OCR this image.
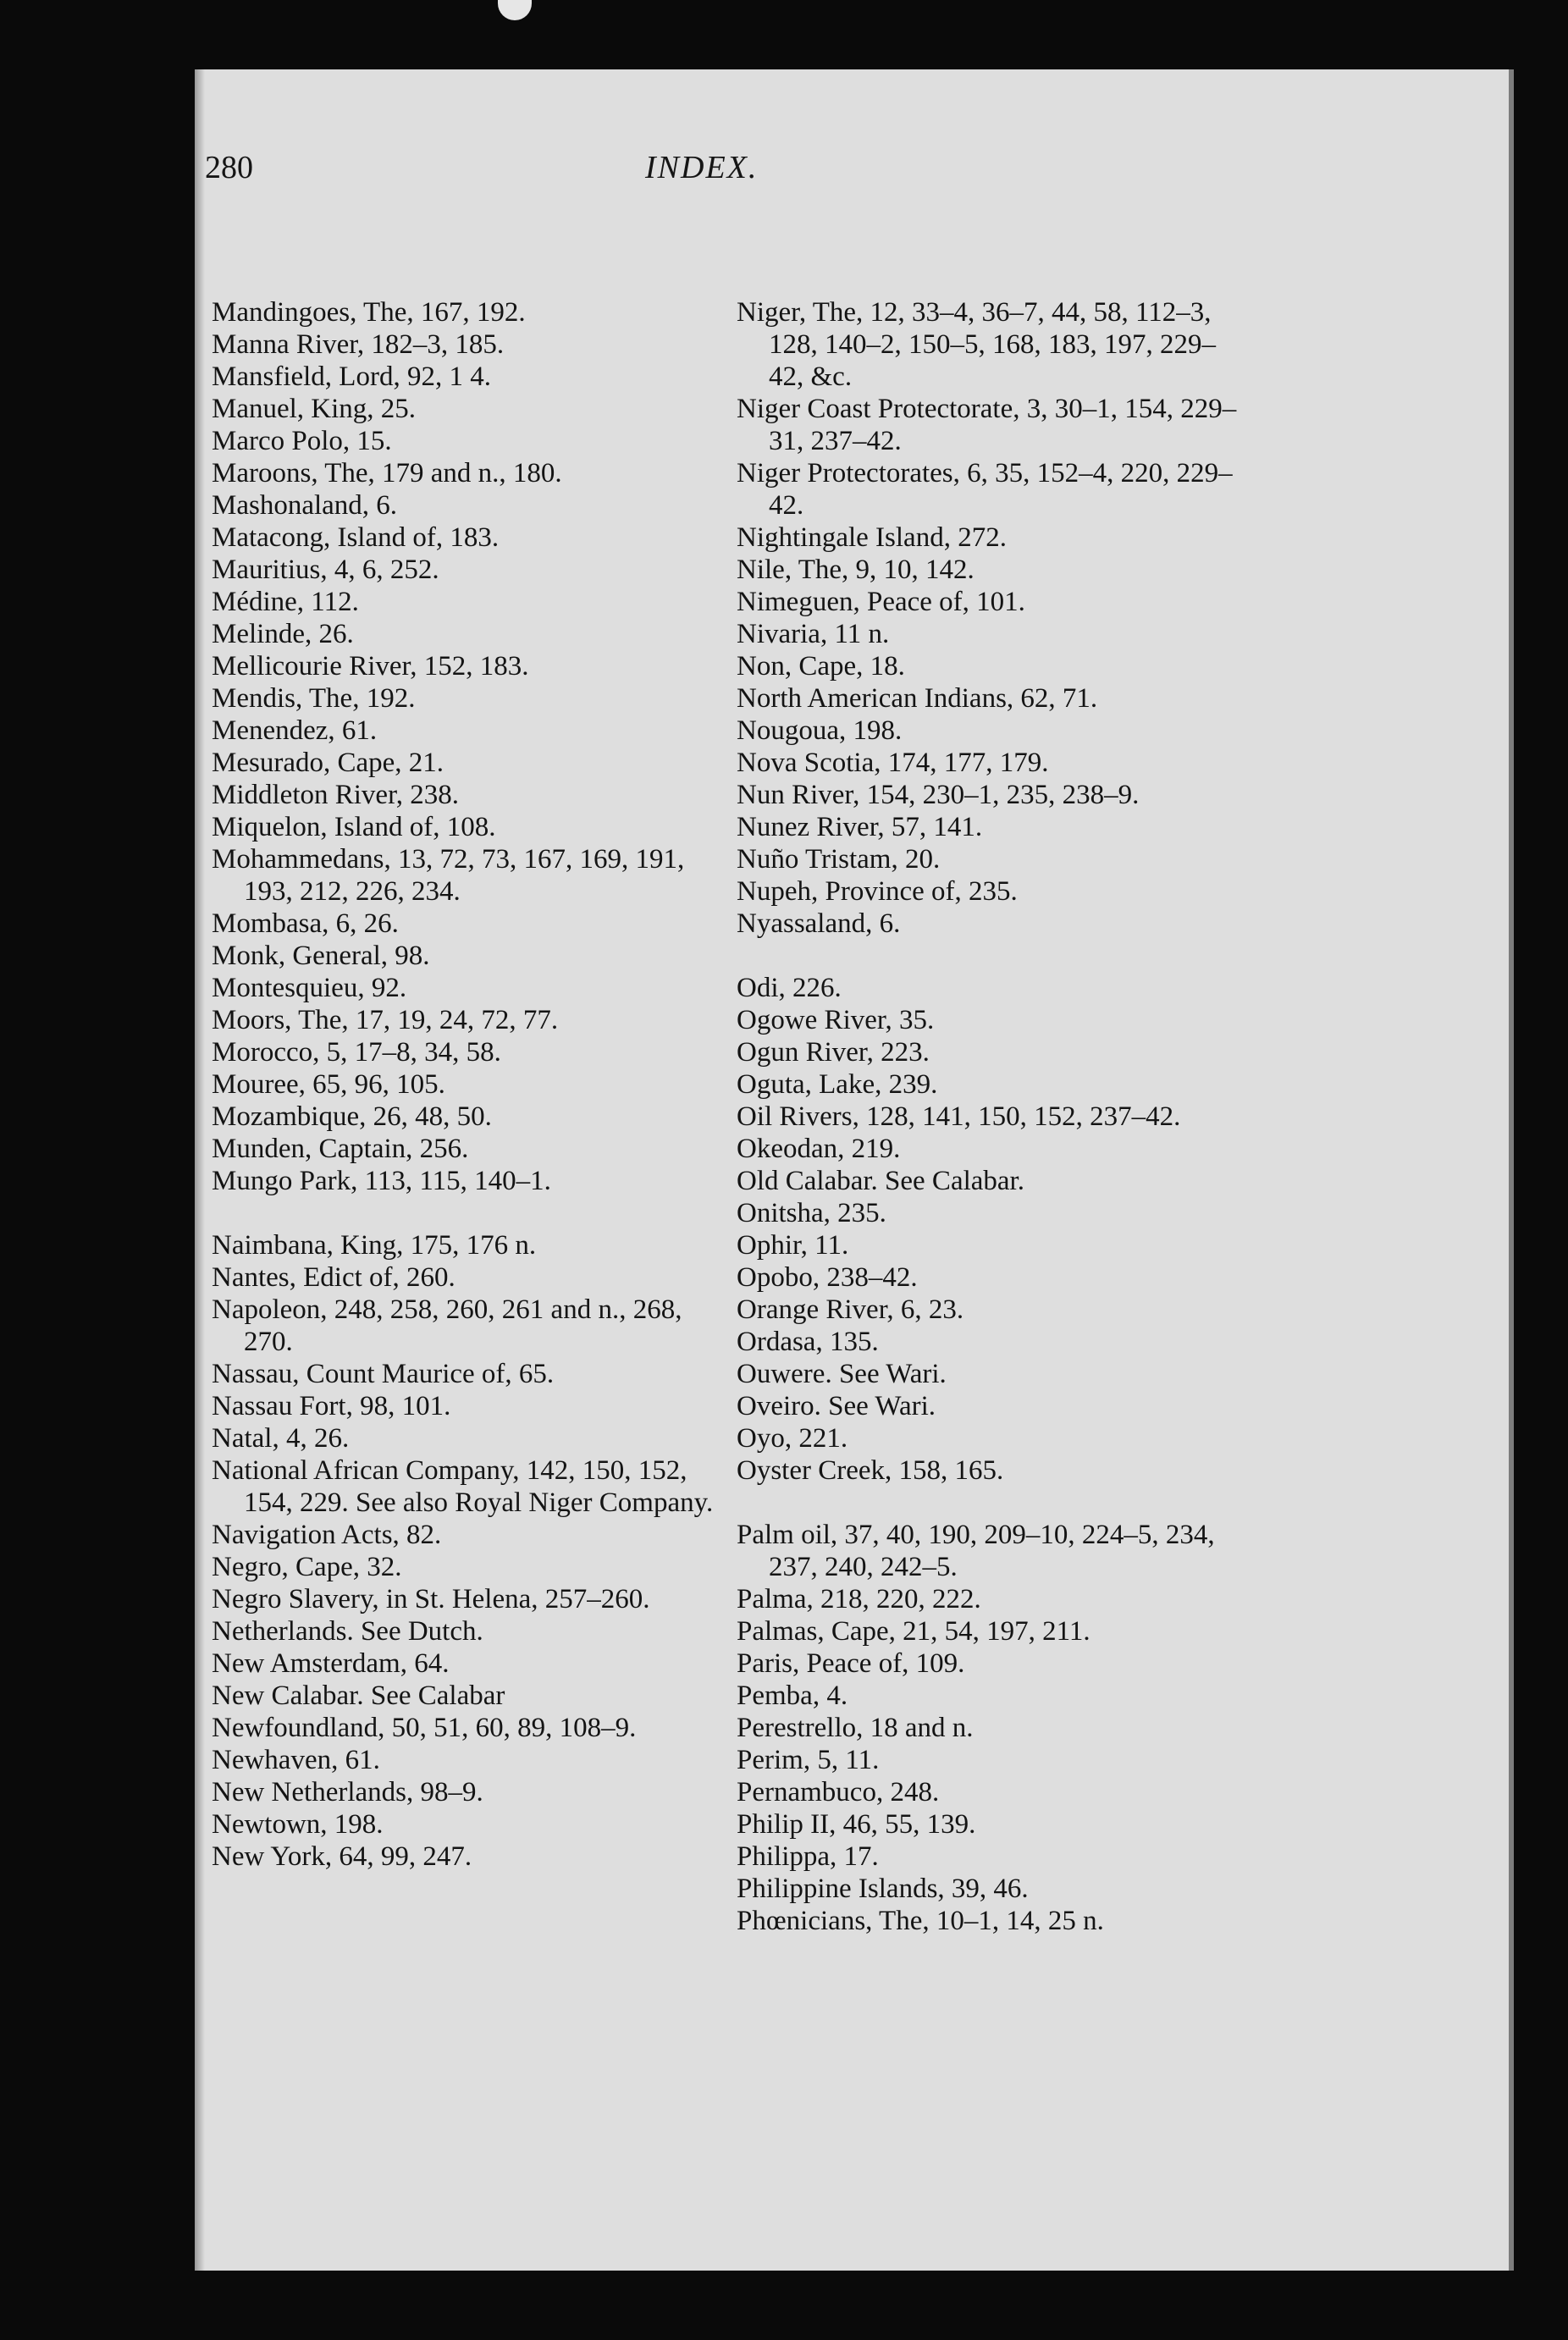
280	INDEX.
Mandingoes, The, 167, 192.
Manna River, 182–3, 185.
Mansfield, Lord, 92, 1 4.
Manuel, King, 25.
Marco Polo, 15.
Maroons, The, 179 and n., 180.
Mashonaland, 6.
Matacong, Island of, 183.
Mauritius, 4, 6, 252.
Médine, 112.
Melinde, 26.
Mellicourie River, 152, 183.
Mendis, The, 192.
Menendez, 61.
Mesurado, Cape, 21.
Middleton River, 238.
Miquelon, Island of, 108.
Mohammedans, 13, 72, 73, 167, 169, 191, 193, 212, 226, 234.
Mombasa, 6, 26.
Monk, General, 98.
Montesquieu, 92.
Moors, The, 17, 19, 24, 72, 77.
Morocco, 5, 17–8, 34, 58.
Mouree, 65, 96, 105.
Mozambique, 26, 48, 50.
Munden, Captain, 256.
Mungo Park, 113, 115, 140–1.
Naimbana, King, 175, 176 n.
Nantes, Edict of, 260.
Napoleon, 248, 258, 260, 261 and n., 268, 270.
Nassau, Count Maurice of, 65.
Nassau Fort, 98, 101.
Natal, 4, 26.
National African Company, 142, 150, 152, 154, 229. See also Royal Niger Company.
Navigation Acts, 82.
Negro, Cape, 32.
Negro Slavery, in St. Helena, 257–260.
Netherlands. See Dutch.
New Amsterdam, 64.
New Calabar. See Calabar
Newfoundland, 50, 51, 60, 89, 108–9.
Newhaven, 61.
New Netherlands, 98–9.
Newtown, 198.
New York, 64, 99, 247.
Niger, The, 12, 33–4, 36–7, 44, 58, 112–3, 128, 140–2, 150–5, 168, 183, 197, 229–42, &c.
Niger Coast Protectorate, 3, 30–1, 154, 229–31, 237–42.
Niger Protectorates, 6, 35, 152–4, 220, 229–42.
Nightingale Island, 272.
Nile, The, 9, 10, 142.
Nimeguen, Peace of, 101.
Nivaria, 11 n.
Non, Cape, 18.
North American Indians, 62, 71.
Nougoua, 198.
Nova Scotia, 174, 177, 179.
Nun River, 154, 230–1, 235, 238–9.
Nunez River, 57, 141.
Nuño Tristam, 20.
Nupeh, Province of, 235.
Nyassaland, 6.
Odi, 226.
Ogowe River, 35.
Ogun River, 223.
Oguta, Lake, 239.
Oil Rivers, 128, 141, 150, 152, 237–42.
Okeodan, 219.
Old Calabar. See Calabar.
Onitsha, 235.
Ophir, 11.
Opobo, 238–42.
Orange River, 6, 23.
Ordasa, 135.
Ouwere. See Wari.
Oveiro. See Wari.
Oyo, 221.
Oyster Creek, 158, 165.
Palm oil, 37, 40, 190, 209–10, 224–5, 234, 237, 240, 242–5.
Palma, 218, 220, 222.
Palmas, Cape, 21, 54, 197, 211.
Paris, Peace of, 109.
Pemba, 4.
Perestrello, 18 and n.
Perim, 5, 11.
Pernambuco, 248.
Philip II, 46, 55, 139.
Philippa, 17.
Philippine Islands, 39, 46.
Phœnicians, The, 10–1, 14, 25 n.
